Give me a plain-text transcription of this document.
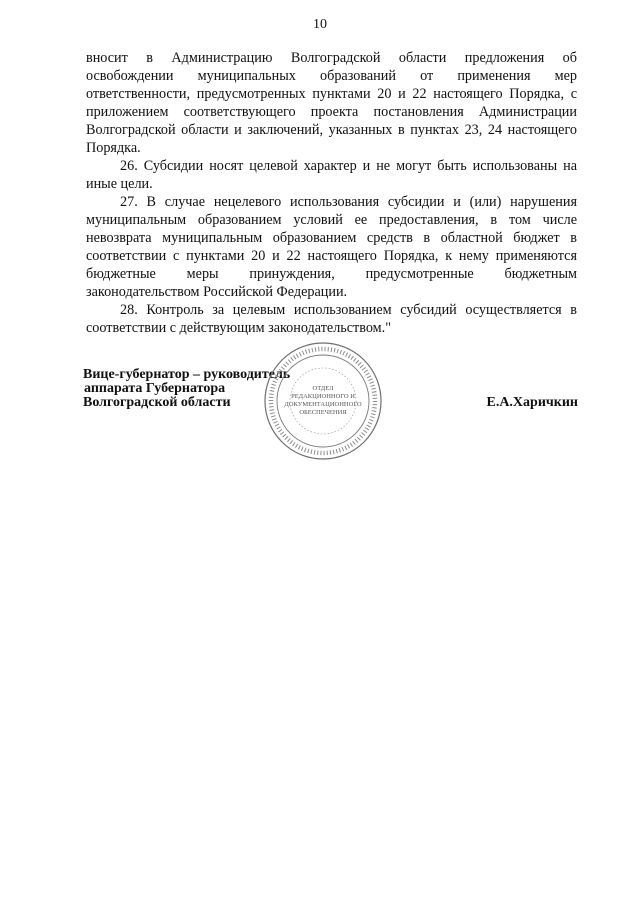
10

вносит в Администрацию Волгоградской области предложения об освобождении муниципальных образований от применения мер ответственности, предусмотренных пунктами 20 и 22 настоящего Порядка, с приложением соответствующего проекта постановления Администрации Волгоградской области и заключений, указанных в пунктах 23, 24 настоящего Порядка.

26. Субсидии носят целевой характер и не могут быть использованы на иные цели.

27. В случае нецелевого использования субсидии и (или) нарушения муниципальным образованием условий ее предоставления, в том числе невозврата муниципальным образованием средств в областной бюджет в соответствии с пунктами 20 и 22 настоящего Порядка, к нему применяются бюджетные меры принуждения, предусмотренные бюджетным законодательством Российской Федерации.

28. Контроль за целевым использованием субсидий осуществляется в соответствии с действующим законодательством."

Вице-губернатор – руководитель
аппарата Губернатора
Волгоградской области	Е.А.Харичкин
ОТДЕЛ
РЕДАКЦИОННОГО И
ДОКУМЕНТАЦИОННОГО
ОБЕСПЕЧЕНИЯ
